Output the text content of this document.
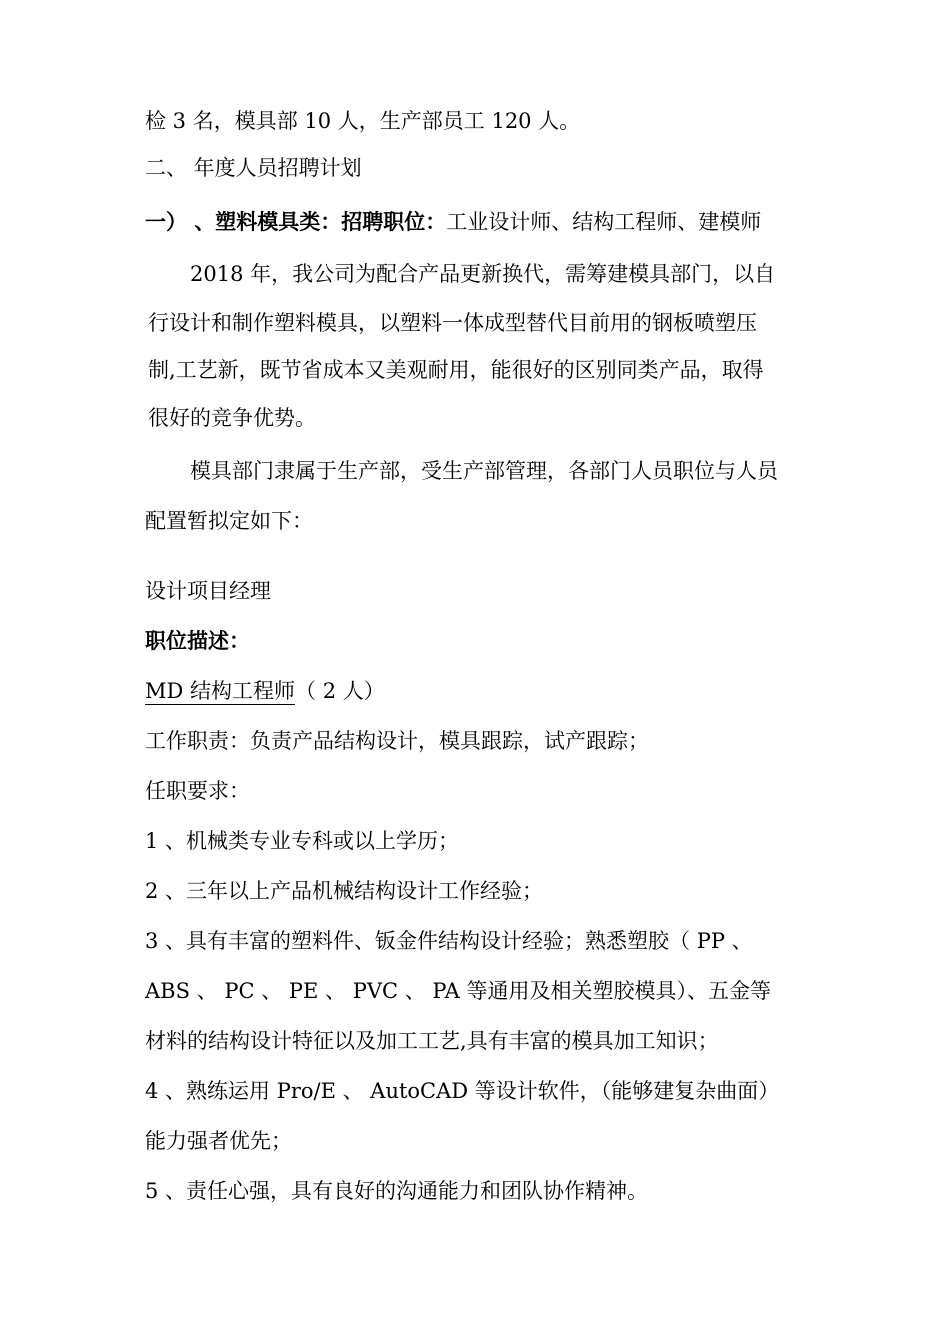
检 3 名，模具部 10 人，生产部员工 120 人。
二、 年度人员招聘计划
一） 、塑料模具类：招聘职位：工业设计师、结构工程师、建模师
2018 年，我公司为配合产品更新换代，需筹建模具部门，以自
行设计和制作塑料模具，以塑料一体成型替代目前用的钢板喷塑压
制,工艺新，既节省成本又美观耐用，能很好的区别同类产品，取得
很好的竞争优势。
模具部门隶属于生产部，受生产部管理，各部门人员职位与人员
配置暂拟定如下：
设计项目经理
职位描述：
MD 结构工程师（ 2 人）
工作职责：负责产品结构设计，模具跟踪，试产跟踪；
任职要求：
1 、机械类专业专科或以上学历；
2 、三年以上产品机械结构设计工作经验；
3 、具有丰富的塑料件、钣金件结构设计经验；熟悉塑胶（ PP 、
ABS 、 PC 、 PE 、 PVC 、 PA 等通用及相关塑胶模具）、五金等
材料的结构设计特征以及加工工艺,具有丰富的模具加工知识；
4 、熟练运用 Pro/E 、 AutoCAD 等设计软件，（能够建复杂曲面）
能力强者优先；
5 、责任心强，具有良好的沟通能力和团队协作精神。
